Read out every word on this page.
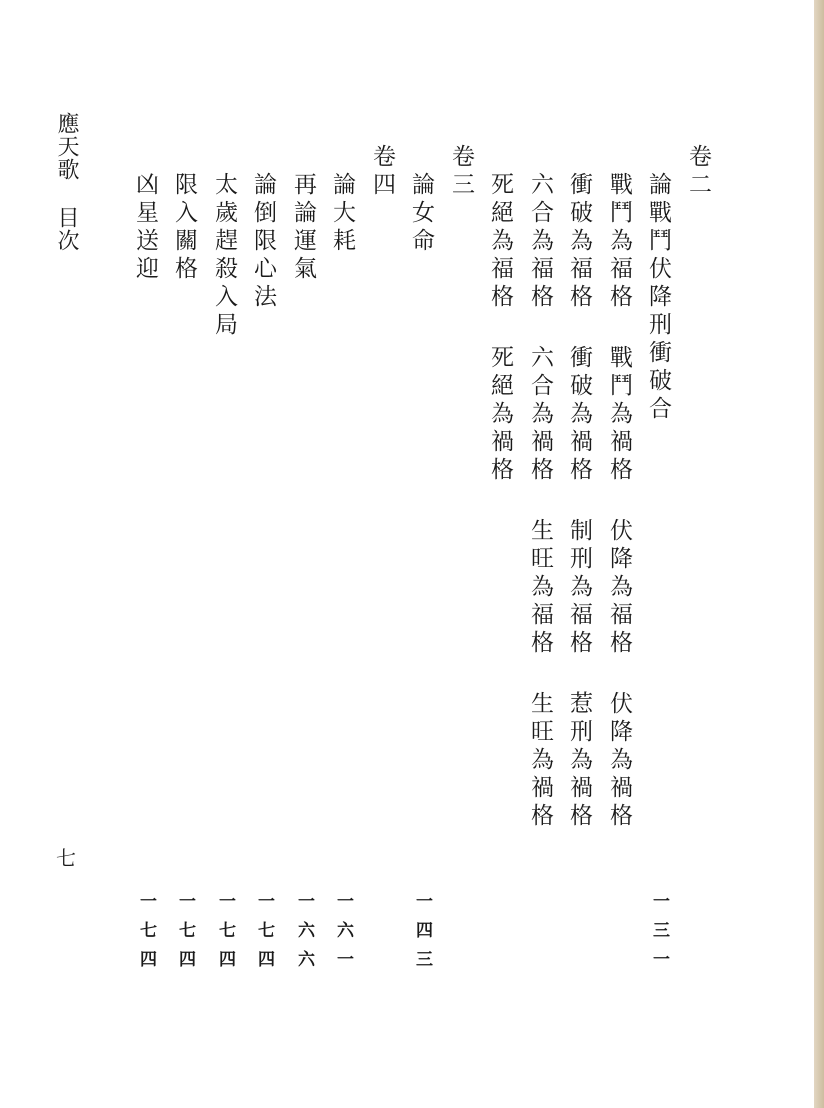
應天歌
目次
七
卷二
論戰鬥伏降刑衝破合
戰鬥為福格
戰鬥為禍格
伏降為福格
伏降為禍格
衝破為福格
衝破為禍格
制刑為福格
惹刑為禍格
六合為福格
六合為禍格
生旺為福格
生旺為禍格
死絕為福格
死絕為禍格
卷三
論女命
卷四
論大耗
再論運氣
論倒限心法
太歲趕殺入局
限入關格
凶星送迎
一三一
一四三
一六一
一六六
一七四
一七四
一七四
一七四
